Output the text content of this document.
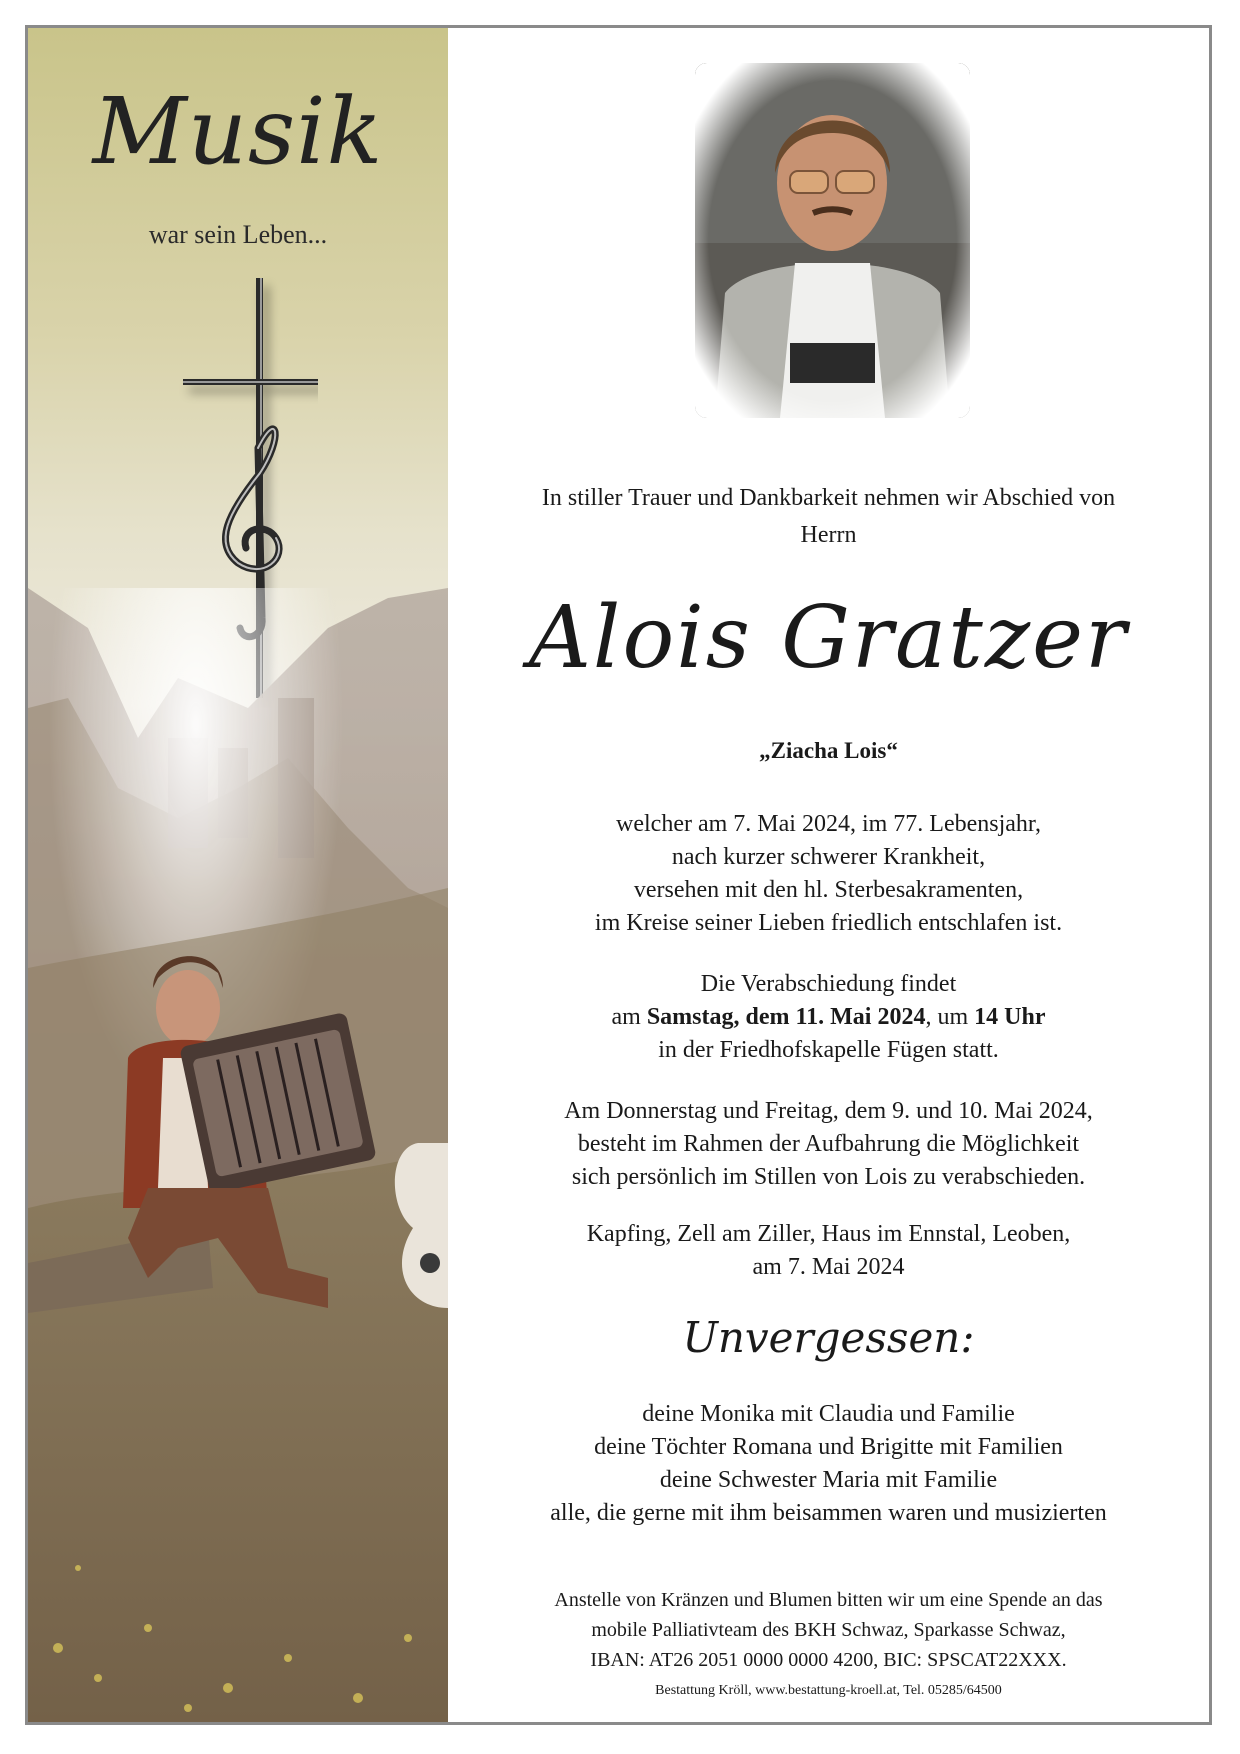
Musik
war sein Leben...
In stiller Trauer und Dankbarkeit nehmen wir Abschied von
Herrn
Alois Gratzer
„Ziacha Lois“
welcher am 7. Mai 2024, im 77. Lebensjahr,
nach kurzer schwerer Krankheit,
versehen mit den hl. Sterbesakramenten,
im Kreise seiner Lieben friedlich entschlafen ist.
Die Verabschiedung findet
am Samstag, dem 11. Mai 2024, um 14 Uhr
in der Friedhofskapelle Fügen statt.
Am Donnerstag und Freitag, dem 9. und 10. Mai 2024,
besteht im Rahmen der Aufbahrung die Möglichkeit
sich persönlich im Stillen von Lois zu verabschieden.
Kapfing, Zell am Ziller, Haus im Ennstal, Leoben,
am 7. Mai 2024
Unvergessen:
deine Monika mit Claudia und Familie
deine Töchter Romana und Brigitte mit Familien
deine Schwester Maria mit Familie
alle, die gerne mit ihm beisammen waren und musizierten
Anstelle von Kränzen und Blumen bitten wir um eine Spende an das
mobile Palliativteam des BKH Schwaz, Sparkasse Schwaz,
IBAN: AT26 2051 0000 0000 4200, BIC: SPSCAT22XXX.
Bestattung Kröll, www.bestattung-kroell.at, Tel. 05285/64500
